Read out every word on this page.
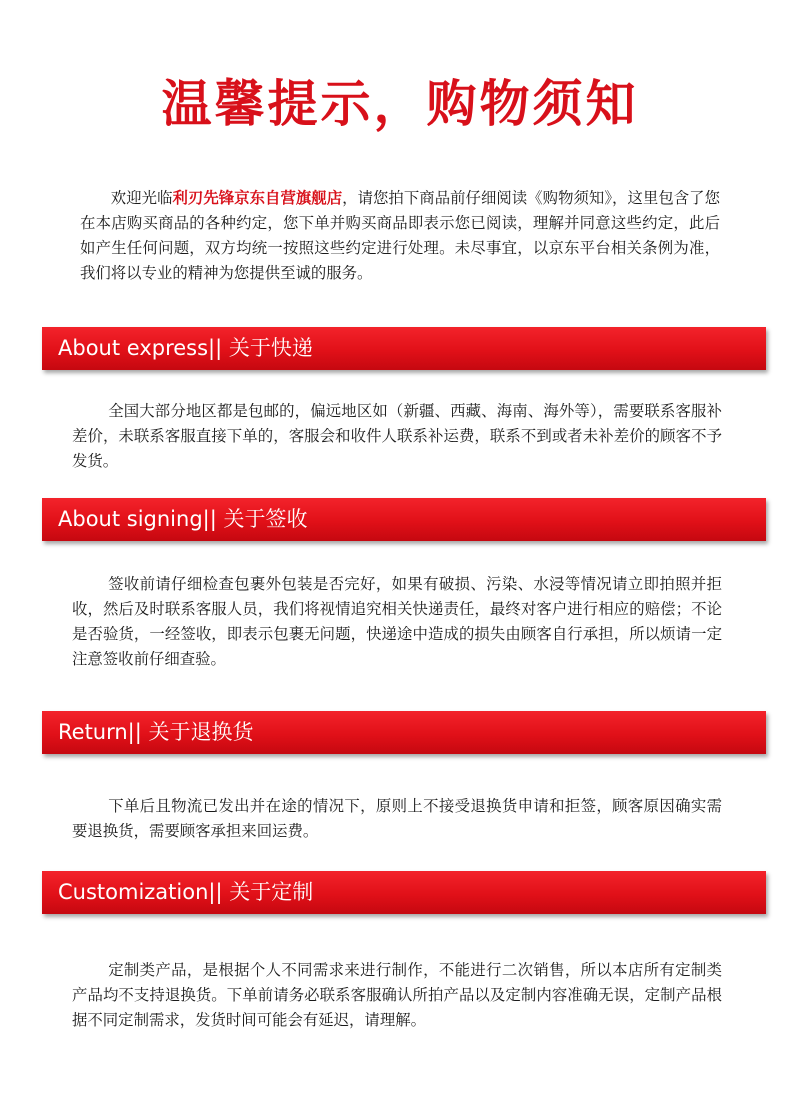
温馨提示，购物须知

欢迎光临利刃先锋京东自营旗舰店，请您拍下商品前仔细阅读《购物须知》，这里包含了您在本店购买商品的各种约定，您下单并购买商品即表示您已阅读，理解并同意这些约定，此后如产生任何问题，双方均统一按照这些约定进行处理。未尽事宜，以京东平台相关条例为准，我们将以专业的精神为您提供至诚的服务。

About express|| 关于快递

全国大部分地区都是包邮的，偏远地区如（新疆、西藏、海南、海外等），需要联系客服补差价，未联系客服直接下单的，客服会和收件人联系补运费，联系不到或者未补差价的顾客不予发货。

About signing|| 关于签收

签收前请仔细检查包裹外包装是否完好，如果有破损、污染、水浸等情况请立即拍照并拒收，然后及时联系客服人员，我们将视情追究相关快递责任，最终对客户进行相应的赔偿；不论是否验货，一经签收，即表示包裹无问题，快递途中造成的损失由顾客自行承担，所以烦请一定注意签收前仔细查验。

Return|| 关于退换货

下单后且物流已发出并在途的情况下，原则上不接受退换货申请和拒签，顾客原因确实需要退换货，需要顾客承担来回运费。

Customization|| 关于定制

定制类产品，是根据个人不同需求来进行制作，不能进行二次销售，所以本店所有定制类产品均不支持退换货。下单前请务必联系客服确认所拍产品以及定制内容准确无误，定制产品根据不同定制需求，发货时间可能会有延迟，请理解。
